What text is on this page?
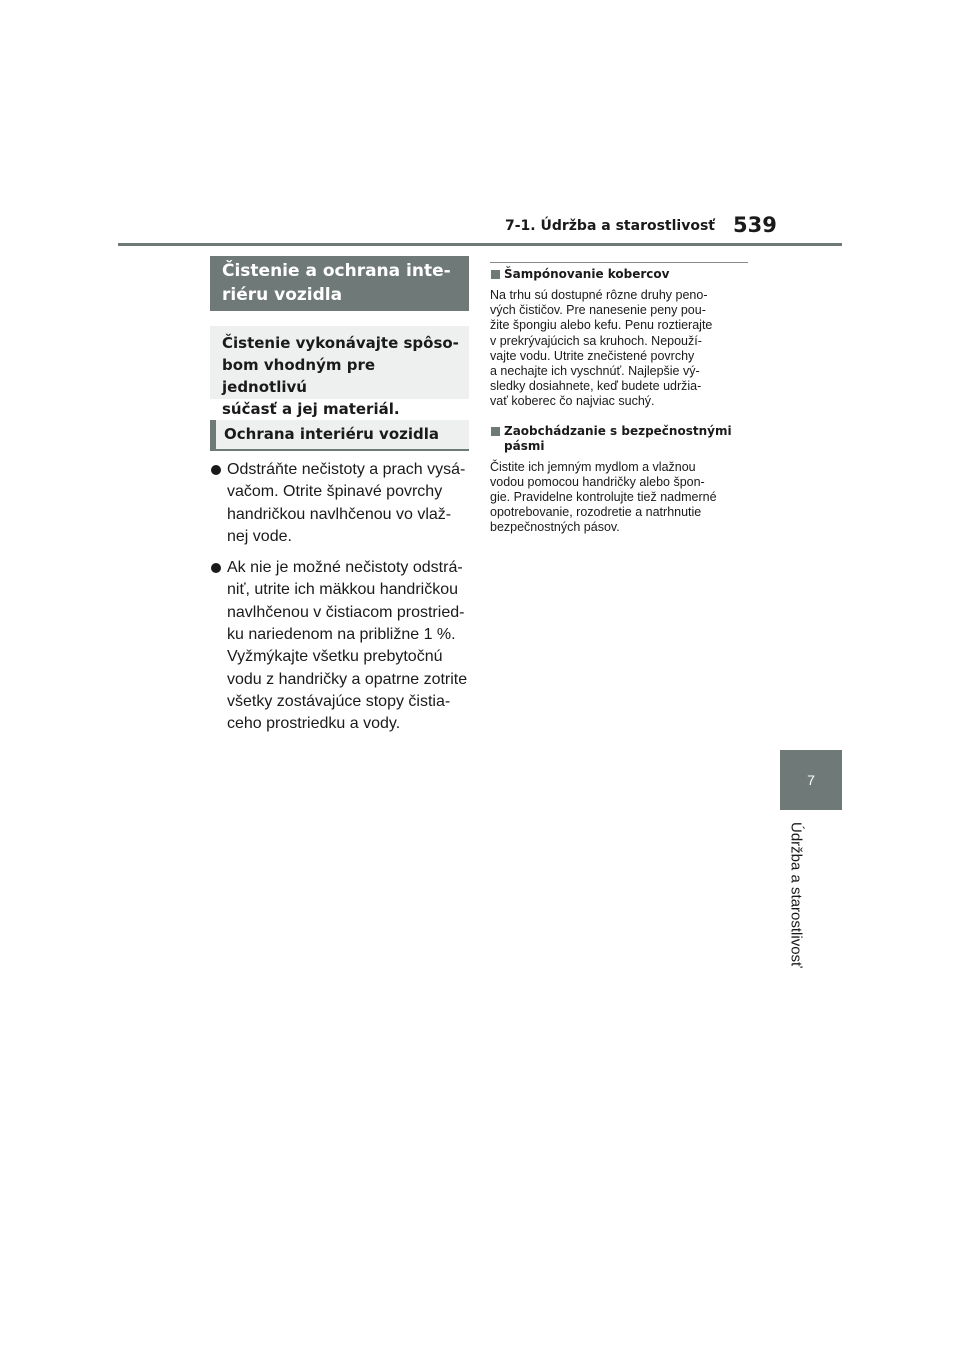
7-1. Údržba a starostlivosť 539
7
Údržba a starostlivosť
Čistenie a ochrana inte-
riéru vozidla
Čistenie vykonávajte spôso-
bom vhodným pre jednotlivú
súčasť a jej materiál.
Ochrana interiéru vozidla
Odstráňte nečistoty a prach vysá-
vačom. Otrite špinavé povrchy
handričkou navlhčenou vo vlaž-
nej vode.
Ak nie je možné nečistoty odstrá-
niť, utrite ich mäkkou handričkou
navlhčenou v čistiacom prostried-
ku nariedenom na približne 1 %.
Vyžmýkajte všetku prebytočnú
vodu z handričky a opatrne zotrite
všetky zostávajúce stopy čistia-
ceho prostriedku a vody.
Šampónovanie kobercov
Na trhu sú dostupné rôzne druhy peno-
vých čističov. Pre nanesenie peny pou-
žite špongiu alebo kefu. Penu roztierajte
v prekrývajúcich sa kruhoch. Nepouží-
vajte vodu. Utrite znečistené povrchy
a nechajte ich vyschnúť. Najlepšie vý-
sledky dosiahnete, keď budete udržia-
vať koberec čo najviac suchý.
Zaobchádzanie s bezpečnostnými
pásmi
Čistite ich jemným mydlom a vlažnou
vodou pomocou handričky alebo špon-
gie. Pravidelne kontrolujte tiež nadmerné
opotrebovanie, rozodretie a natrhnutie
bezpečnostných pásov.
